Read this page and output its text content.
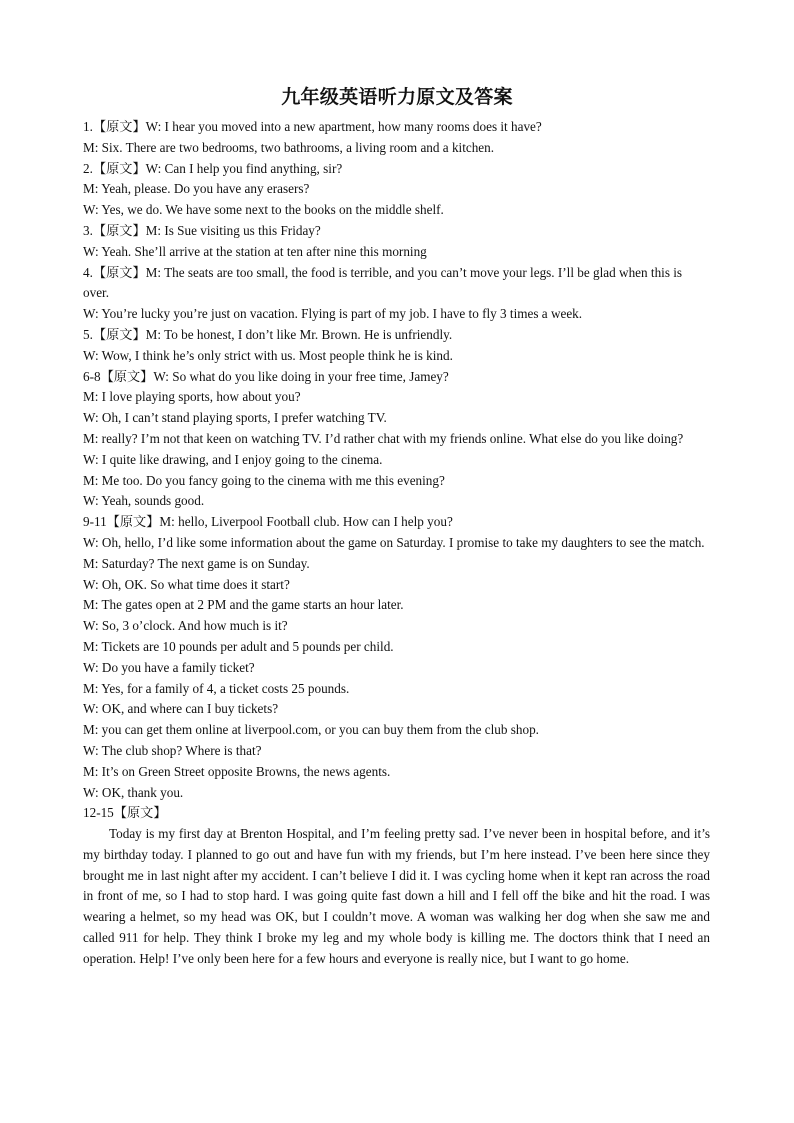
九年级英语听力原文及答案

1.【原文】W: I hear you moved into a new apartment, how many rooms does it have?

M: Six. There are two bedrooms, two bathrooms, a living room and a kitchen.

2.【原文】W: Can I help you find anything, sir?

M: Yeah, please. Do you have any erasers?

W: Yes, we do. We have some next to the books on the middle shelf.

3.【原文】M: Is Sue visiting us this Friday?

W: Yeah. She’ll arrive at the station at ten after nine this morning

4.【原文】M: The seats are too small, the food is terrible, and you can’t move your legs. I’ll be glad when this is over.

W: You’re lucky you’re just on vacation. Flying is part of my job. I have to fly 3 times a week.

5.【原文】M: To be honest, I don’t like Mr. Brown. He is unfriendly.

W: Wow, I think he’s only strict with us. Most people think he is kind.

6-8【原文】W: So what do you like doing in your free time, Jamey?

M: I love playing sports, how about you?

W: Oh, I can’t stand playing sports, I prefer watching TV.

M: really? I’m not that keen on watching TV. I’d rather chat with my friends online. What else do you like doing?

W: I quite like drawing, and I enjoy going to the cinema.

M: Me too. Do you fancy going to the cinema with me this evening?

W: Yeah, sounds good.

9-11【原文】M: hello, Liverpool Football club. How can I help you?

W: Oh, hello, I’d like some information about the game on Saturday. I promise to take my daughters to see the match.

M: Saturday? The next game is on Sunday.

W: Oh, OK. So what time does it start?

M: The gates open at 2 PM and the game starts an hour later.

W: So, 3 o’clock. And how much is it?

M: Tickets are 10 pounds per adult and 5 pounds per child.

W: Do you have a family ticket?

M: Yes, for a family of 4, a ticket costs 25 pounds.

W: OK, and where can I buy tickets?

M: you can get them online at liverpool.com, or you can buy them from the club shop.

W: The club shop? Where is that?

M: It’s on Green Street opposite Browns, the news agents.

W: OK, thank you.

12-15【原文】

Today is my first day at Brenton Hospital, and I’m feeling pretty sad. I’ve never been in hospital before, and it’s my birthday today. I planned to go out and have fun with my friends, but I’m here instead. I’ve been here since they brought me in last night after my accident. I can’t believe I did it. I was cycling home when it kept ran across the road in front of me, so I had to stop hard. I was going quite fast down a hill and I fell off the bike and hit the road. I was wearing a helmet, so my head was OK, but I couldn’t move. A woman was walking her dog when she saw me and called 911 for help. They think I broke my leg and my whole body is killing me. The doctors think that I need an operation. Help! I’ve only been here for a few hours and everyone is really nice, but I want to go home.
